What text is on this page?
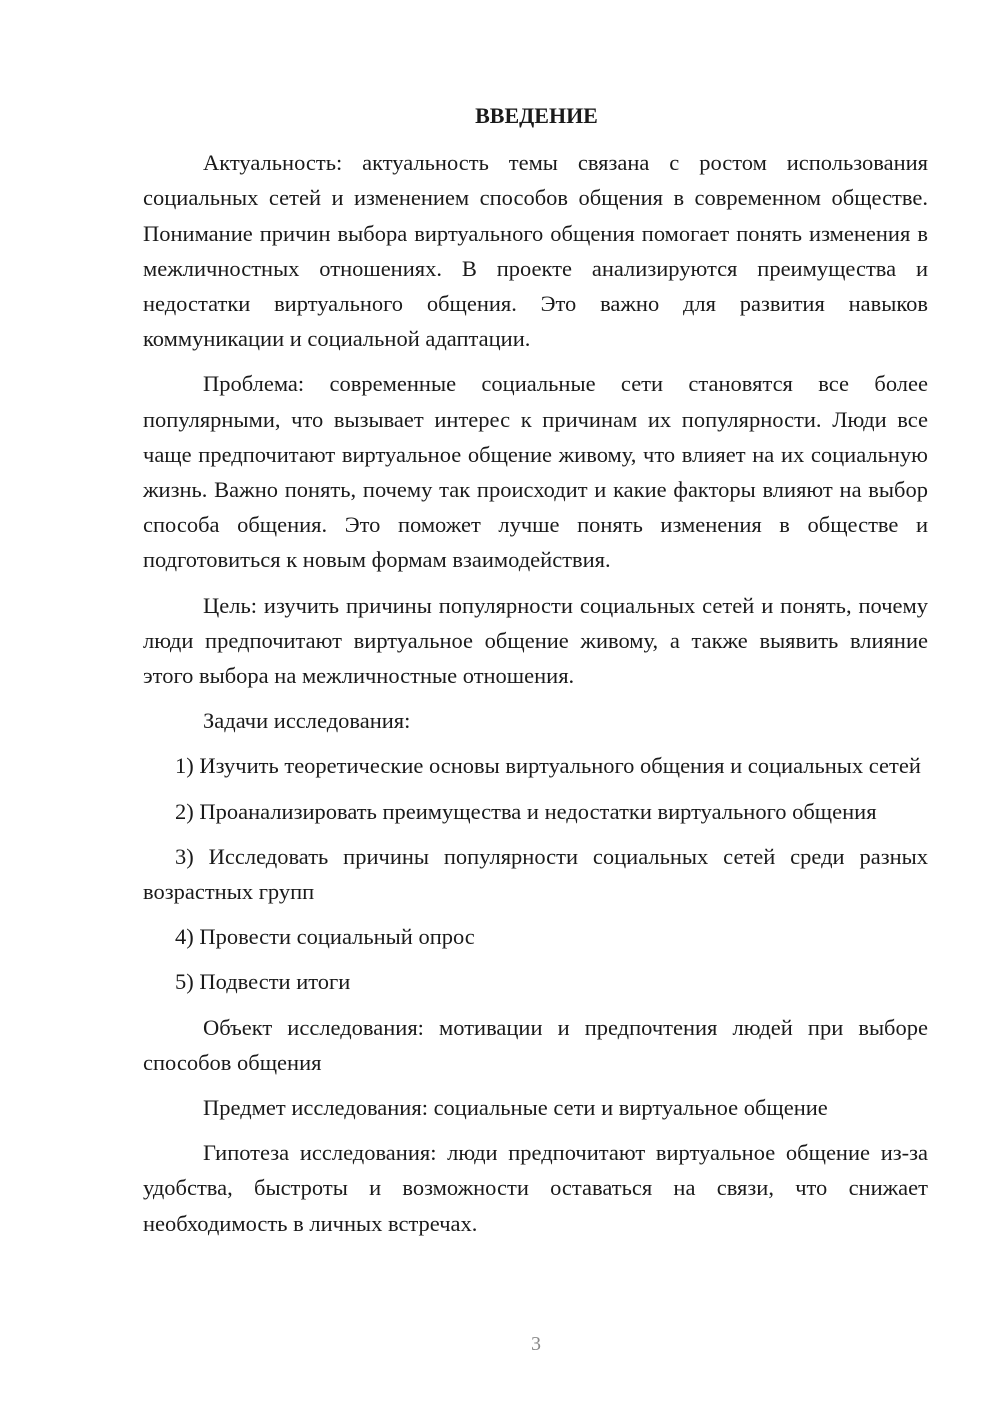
ВВЕДЕНИЕ

Актуальность: актуальность темы связана с ростом использования социальных сетей и изменением способов общения в современном обществе. Понимание причин выбора виртуального общения помогает понять изменения в межличностных отношениях. В проекте анализируются преимущества и недостатки виртуального общения. Это важно для развития навыков коммуникации и социальной адаптации.

Проблема: современные социальные сети становятся все более популярными, что вызывает интерес к причинам их популярности. Люди все чаще предпочитают виртуальное общение живому, что влияет на их социальную жизнь. Важно понять, почему так происходит и какие факторы влияют на выбор способа общения. Это поможет лучше понять изменения в обществе и подготовиться к новым формам взаимодействия.

Цель: изучить причины популярности социальных сетей и понять, почему люди предпочитают виртуальное общение живому, а также выявить влияние этого выбора на межличностные отношения.

Задачи исследования:

1) Изучить теоретические основы виртуального общения и социальных сетей

2) Проанализировать преимущества и недостатки виртуального общения

3) Исследовать причины популярности социальных сетей среди разных возрастных групп

4) Провести социальный опрос

5) Подвести итоги

Объект исследования: мотивации и предпочтения людей при выборе способов общения

Предмет исследования: социальные сети и виртуальное общение

Гипотеза исследования: люди предпочитают виртуальное общение из-за удобства, быстроты и возможности оставаться на связи, что снижает необходимость в личных встречах.

3
